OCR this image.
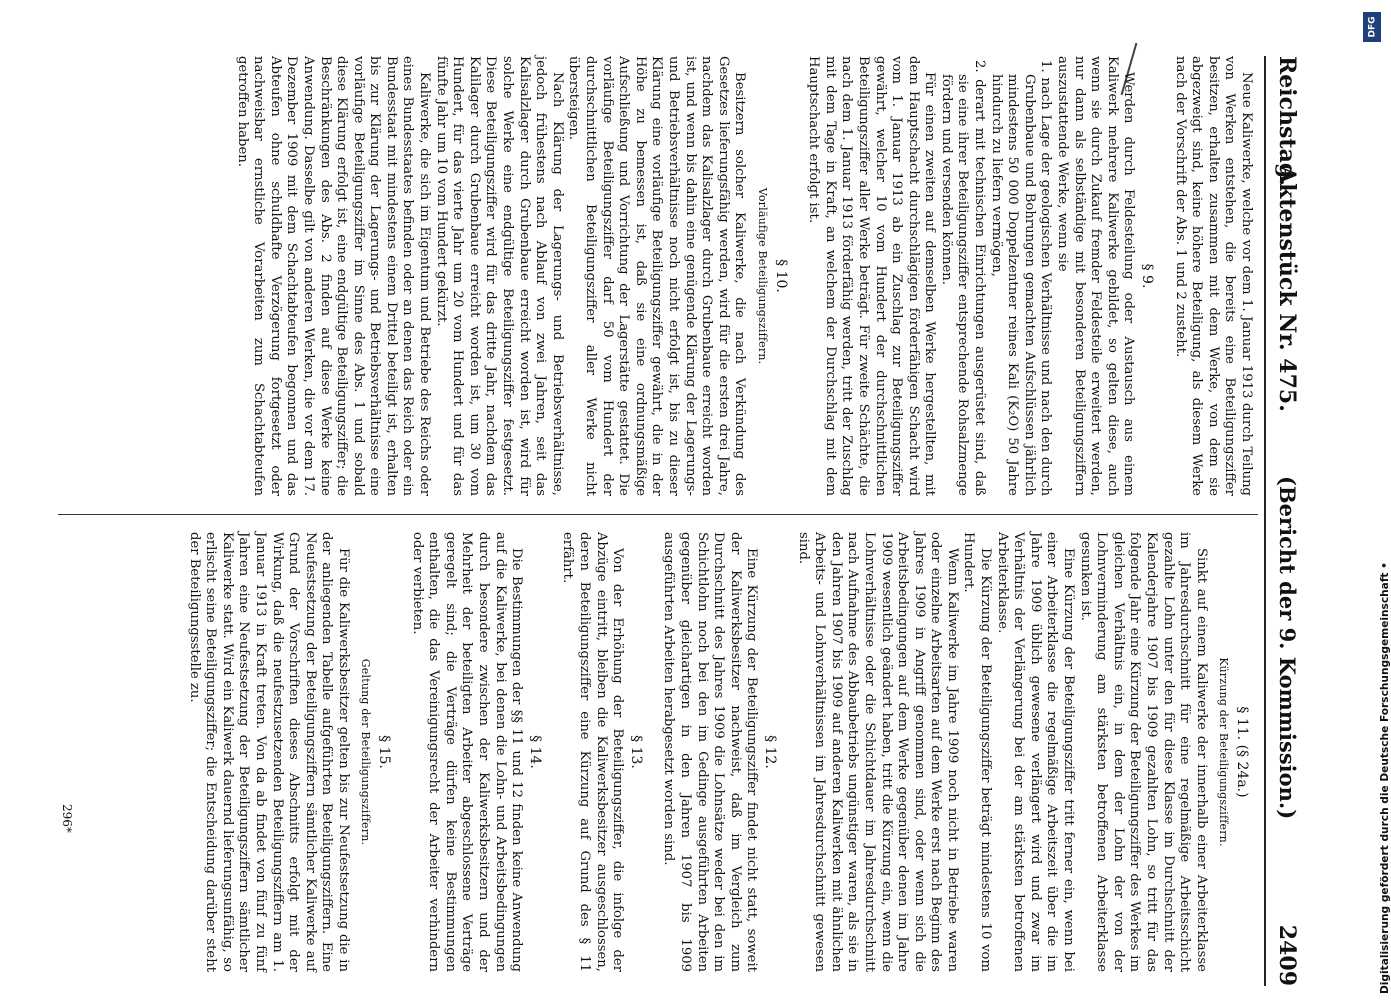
Reichstag.
Aktenstück Nr. 475.
(Bericht der 9. Kommission.)
2409

Neue Kaliwerke, welche vor dem 1. Januar 1913 durch Teilung von Werken entstehen, die bereits eine Beteiligungsziffer besitzen, erhalten zusammen mit dem Werke, von dem sie abgezweigt sind, keine höhere Beteiligung, als diesem Werke nach der Vorschrift der Abs. 1 und 2 zusteht.

§ 9.

Werden durch Feldesteilung oder Austausch aus einem Kaliwerk mehrere Kaliwerke gebildet, so gelten diese, auch wenn sie durch Zukauf fremder Feldesteile erweitert werden, nur dann als selbständige mit besonderen Beteiligungsziffern auszustattende Werke, wenn sie

1. nach Lage der geologischen Verhältnisse und nach den durch Grubenbaue und Bohrungen gemachten Aufschlüssen jährlich mindestens 50 000 Doppelzentner reines Kali (K₂O) 50 Jahre hindurch zu liefern vermögen,

2. derart mit technischen Einrichtungen ausgerüstet sind, daß sie eine ihrer Beteiligungsziffer entsprechende Rohsalzmenge fördern und versenden können.

Für einen zweiten auf demselben Werke hergestellten, mit dem Hauptschacht durchschlägigen förderfähigen Schacht wird vom 1. Januar 1913 ab ein Zuschlag zur Beteiligungsziffer gewährt, welcher 10 vom Hundert der durchschnittlichen Beteiligungsziffer aller Werke beträgt. Für zweite Schächte, die nach dem 1. Januar 1913 förderfähig werden, tritt der Zuschlag mit dem Tage in Kraft, an welchem der Durchschlag mit dem Hauptschacht erfolgt ist.

§ 10.
Vorläufige Beteiligungsziffern.

Besitzern solcher Kaliwerke, die nach Verkündung des Gesetzes lieferungsfähig werden, wird für die ersten drei Jahre, nachdem das Kalisalzlager durch Grubenbaue erreicht worden ist, und wenn bis dahin eine genügende Klärung der Lagerungs- und Betriebsverhältnisse noch nicht erfolgt ist, bis zu dieser Klärung eine vorläufige Beteiligungsziffer gewährt, die in der Höhe zu bemessen ist, daß sie eine ordnungsmäßige Aufschließung und Vorrichtung der Lagerstätte gestattet. Die vorläufige Beteiligungsziffer darf 50 vom Hundert der durchschnittlichen Beteiligungsziffer aller Werke nicht übersteigen.

Nach Klärung der Lagerungs- und Betriebsverhältnisse, jedoch frühestens nach Ablauf von zwei Jahren, seit das Kalisalzlager durch Grubenbaue erreicht worden ist, wird für solche Werke eine endgültige Beteiligungsziffer festgesetzt. Diese Beteiligungsziffer wird für das dritte Jahr, nachdem das Kalilager durch Grubenbaue erreicht worden ist, um 30 vom Hundert, für das vierte Jahr um 20 vom Hundert und für das fünfte Jahr um 10 vom Hundert gekürzt.

Kaliwerke, die sich im Eigentum und Betriebe des Reichs oder eines Bundesstaates befinden oder an denen das Reich oder ein Bundesstaat mit mindestens einem Drittel beteiligt ist, erhalten bis zur Klärung der Lagerungs- und Betriebsverhältnisse eine vorläufige Beteiligungsziffer im Sinne des Abs. 1 und sobald diese Klärung erfolgt ist, eine endgültige Beteiligungsziffer; die Beschränkungen des Abs. 2 finden auf diese Werke keine Anwendung. Dasselbe gilt von anderen Werken, die vor dem 17. Dezember 1909 mit dem Schachtabteufen begonnen und das Abteufen ohne schuldhafte Verzögerung fortgesetzt oder nachweisbar ernstliche Vorarbeiten zum Schachtabteufen getroffen haben.

§ 11. (§ 24a.)
Kürzung der Beteiligungsziffern.

Sinkt auf einem Kaliwerke der innerhalb einer Arbeiterklasse im Jahresdurchschnitt für eine regelmäßige Arbeitsschicht gezahlte Lohn unter den für diese Klasse im Durchschnitt der Kalenderjahre 1907 bis 1909 gezahlten Lohn, so tritt für das folgende Jahr eine Kürzung der Beteiligungsziffer des Werkes im gleichen Verhältnis ein, in dem der Lohn der von der Lohnverminderung am stärksten betroffenen Arbeiterklasse gesunken ist.

Eine Kürzung der Beteiligungsziffer tritt ferner ein, wenn bei einer Arbeiterklasse die regelmäßige Arbeitszeit über die im Jahre 1909 üblich gewesene verlängert wird und zwar im Verhältnis der Verlängerung bei der am stärksten betroffenen Arbeiterklasse.

Die Kürzung der Beteiligungsziffer beträgt mindestens 10 vom Hundert.

Wenn Kaliwerke im Jahre 1909 noch nicht in Betriebe waren oder einzelne Arbeitsarten auf dem Werke erst nach Beginn des Jahres 1909 in Angriff genommen sind, oder wenn sich die Arbeitsbedingungen auf dem Werke gegenüber denen im Jahre 1909 wesentlich geändert haben, tritt die Kürzung ein, wenn die Lohnverhältnisse oder die Schichtdauer im Jahresdurchschnitt nach Aufnahme des Abbaubetriebs ungünstiger waren, als sie in den Jahren 1907 bis 1909 auf anderen Kaliwerken mit ähnlichen Arbeits- und Lohnverhältnissen im Jahresdurchschnitt gewesen sind.

§ 12.

Eine Kürzung der Beteiligungsziffer findet nicht statt, soweit der Kaliwerksbesitzer nachweist, daß im Vergleich zum Durchschnitt des Jahres 1909 die Lohnsätze weder bei den im Schichtlohn noch bei den im Gedinge ausgeführten Arbeiten gegenüber gleichartigen in den Jahren 1907 bis 1909 ausgeführten Arbeiten herabgesetzt worden sind.

§ 13.

Von der Erhöhung der Beteiligungsziffer, die infolge der Abzüge eintritt, bleiben die Kaliwerksbesitzer ausgeschlossen, deren Beteiligungsziffer eine Kürzung auf Grund des § 11 erfährt.

§ 14.

Die Bestimmungen der §§ 11 und 12 finden keine Anwendung auf die Kaliwerke, bei denen die Lohn- und Arbeitsbedingungen durch besondere zwischen der Kaliwerksbesitzern und der Mehrheit der beteiligten Arbeiter abgeschlossene Verträge geregelt sind; die Verträge dürfen keine Bestimmungen enthalten, die das Vereinigungsrecht der Arbeiter verhindern oder verbieten.

§ 15.
Geltung der Beteiligungsziffern.

Für die Kaliwerksbesitzer gelten bis zur Neufestsetzung die in der anliegenden Tabelle aufgeführten Beteiligungsziffern. Eine Neufestsetzung der Beteiligungsziffern sämtlicher Kaliwerke auf Grund der Vorschriften dieses Abschnitts erfolgt mit der Wirkung, daß die neufestzusetzenden Beteiligungsziffern am 1. Januar 1913 in Kraft treten. Von da ab findet von fünf zu fünf Jahren eine Neufestsetzung der Beteiligungsziffern sämtlicher Kaliwerke statt. Wird ein Kaliwerk dauernd lieferungsunfähig, so erlischt seine Beteiligungsziffer; die Entscheidung darüber steht der Beteiligungsstelle zu.

296*
DFG
Digitalisierung gefördert durch die Deutsche Forschungsgemeinschaft •
